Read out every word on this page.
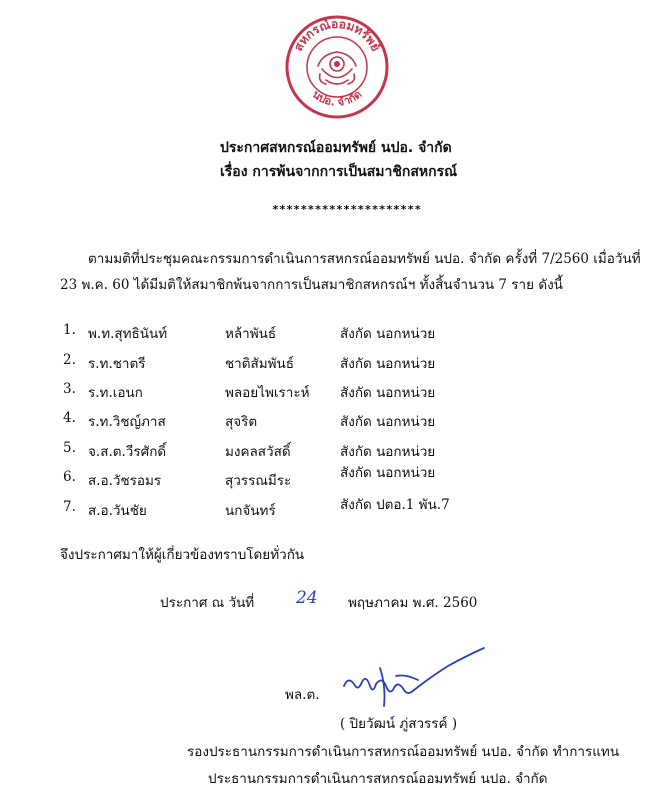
สหกรณ์ออมทรัพย์
นปอ. จำกัด
ประกาศสหกรณ์ออมทรัพย์ นปอ. จำกัด
เรื่อง การพ้นจากการเป็นสมาชิกสหกรณ์
*********************
ตามมติที่ประชุมคณะกรรมการดำเนินการสหกรณ์ออมทรัพย์ นปอ. จำกัด ครั้งที่ 7/2560 เมื่อวันที่
23 พ.ค. 60 ได้มีมติให้สมาชิกพ้นจากการเป็นสมาชิกสหกรณ์ฯ ทั้งสิ้นจำนวน 7 ราย ดังนี้
1. พ.ท.สุทธินันท์	หล้าพันธ์	สังกัด นอกหน่วย
2. ร.ท.ชาตรี	ชาติสัมพันธ์	สังกัด นอกหน่วย
3. ร.ท.เอนก	พลอยไพเราะห์ สังกัด นอกหน่วย
4. ร.ท.วิชญ์ภาส	สุจริต	สังกัด นอกหน่วย
5. จ.ส.ต.วีรศักดิ์	มงคลสวัสดิ์	สังกัด นอกหน่วย
6. ส.อ.วัชรอมร	สุวรรณมีระ	สังกัด นอกหน่วย
7. ส.อ.วันชัย	นกจันทร์	สังกัด ปตอ.1 พัน.7
จึงประกาศมาให้ผู้เกี่ยวข้องทราบโดยทั่วกัน
ประกาศ ณ วันที่ 24 พฤษภาคม พ.ศ. 2560
พล.ต.
( ปิยวัฒน์ ภู่สวรรค์ )
รองประธานกรรมการดำเนินการสหกรณ์ออมทรัพย์ นปอ. จำกัด ทำการแทน
ประธานกรรมการดำเนินการสหกรณ์ออมทรัพย์ นปอ. จำกัด
